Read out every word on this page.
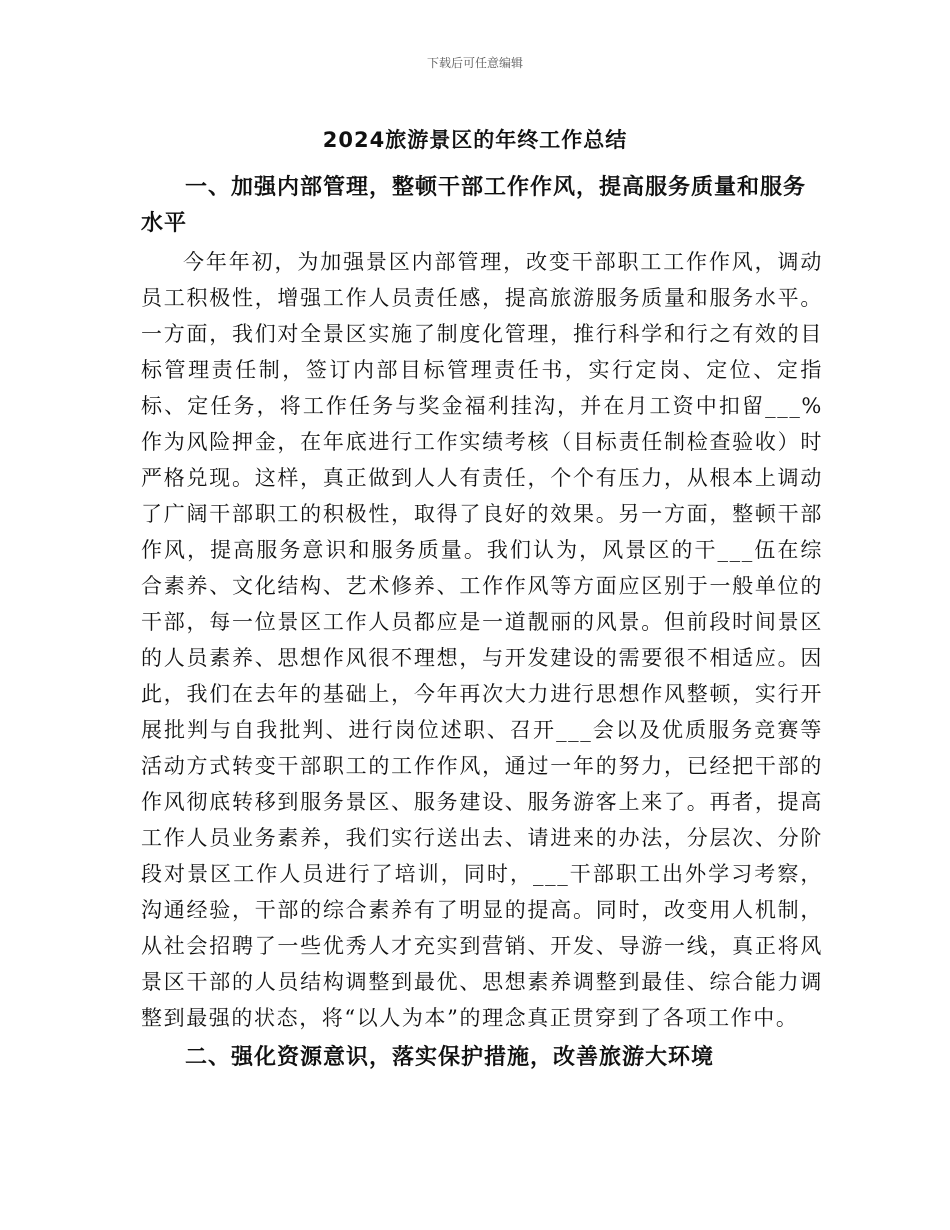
下载后可任意编辑
2024旅游景区的年终工作总结

一、加强内部管理，整顿干部工作作风，提高服务质量和服务水平

今年年初，为加强景区内部管理，改变干部职工工作作风，调动员工积极性，增强工作人员责任感，提高旅游服务质量和服务水平。一方面，我们对全景区实施了制度化管理，推行科学和行之有效的目标管理责任制，签订内部目标管理责任书，实行定岗、定位、定指标、定任务，将工作任务与奖金福利挂沟，并在月工资中扣留___%作为风险押金，在年底进行工作实绩考核（目标责任制检查验收）时严格兑现。这样，真正做到人人有责任，个个有压力，从根本上调动了广阔干部职工的积极性，取得了良好的效果。另一方面，整顿干部作风，提高服务意识和服务质量。我们认为，风景区的干___伍在综合素养、文化结构、艺术修养、工作作风等方面应区别于一般单位的干部，每一位景区工作人员都应是一道靓丽的风景。但前段时间景区的人员素养、思想作风很不理想，与开发建设的需要很不相适应。因此，我们在去年的基础上，今年再次大力进行思想作风整顿，实行开展批判与自我批判、进行岗位述职、召开___会以及优质服务竞赛等活动方式转变干部职工的工作作风，通过一年的努力，已经把干部的作风彻底转移到服务景区、服务建设、服务游客上来了。再者，提高工作人员业务素养，我们实行送出去、请进来的办法，分层次、分阶段对景区工作人员进行了培训，同时，___干部职工出外学习考察，沟通经验，干部的综合素养有了明显的提高。同时，改变用人机制，从社会招聘了一些优秀人才充实到营销、开发、导游一线，真正将风景区干部的人员结构调整到最优、思想素养调整到最佳、综合能力调整到最强的状态，将“以人为本”的理念真正贯穿到了各项工作中。

二、强化资源意识，落实保护措施，改善旅游大环境
